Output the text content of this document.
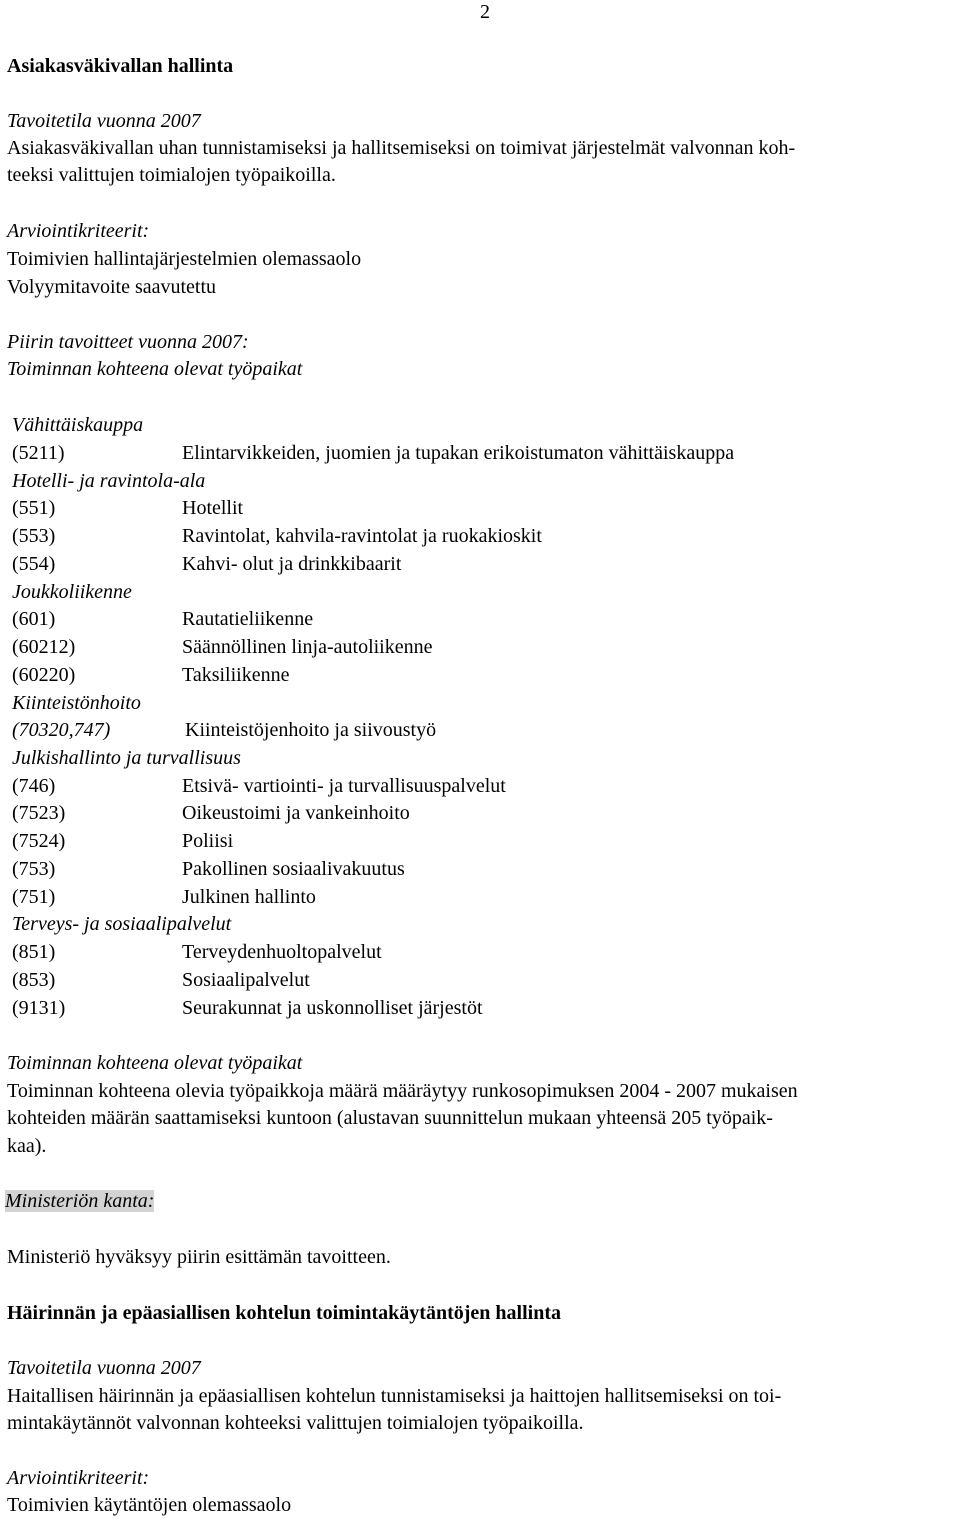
2
Asiakasväkivallan hallinta
Tavoitetila vuonna 2007
Asiakasväkivallan uhan tunnistamiseksi ja hallitsemiseksi on toimivat järjestelmät valvonnan koh-
teeksi valittujen toimialojen työpaikoilla.
Arviointikriteerit:
Toimivien hallintajärjestelmien olemassaolo
Volyymitavoite saavutettu
Piirin tavoitteet vuonna 2007:
Toiminnan kohteena olevat työpaikat
Vähittäiskauppa
(5211)	Elintarvikkeiden, juomien ja tupakan erikoistumaton vähittäiskauppa
Hotelli- ja ravintola-ala
(551)	Hotellit
(553)	Ravintolat, kahvila-ravintolat ja ruokakioskit
(554)	Kahvi- olut ja drinkkibaarit
Joukkoliikenne
(601)	Rautatieliikenne
(60212)	Säännöllinen linja-autoliikenne
(60220)	Taksiliikenne
Kiinteistönhoito
(70320,747)	Kiinteistöjenhoito ja siivoustyö
Julkishallinto ja turvallisuus
(746)	Etsivä- vartiointi- ja turvallisuuspalvelut
(7523)	Oikeustoimi ja vankeinhoito
(7524)	Poliisi
(753)	Pakollinen sosiaalivakuutus
(751)	Julkinen hallinto
Terveys- ja sosiaalipalvelut
(851)	Terveydenhuoltopalvelut
(853)	Sosiaalipalvelut
(9131)	Seurakunnat ja uskonnolliset järjestöt
Toiminnan kohteena olevat työpaikat
Toiminnan kohteena olevia työpaikkoja määrä määräytyy runkosopimuksen 2004 - 2007 mukaisen
kohteiden määrän saattamiseksi kuntoon (alustavan suunnittelun mukaan yhteensä 205 työpaik-
kaa).
Ministeriön kanta:
Ministeriö hyväksyy piirin esittämän tavoitteen.
Häirinnän ja epäasiallisen kohtelun toimintakäytäntöjen hallinta
Tavoitetila vuonna 2007
Haitallisen häirinnän ja epäasiallisen kohtelun tunnistamiseksi ja haittojen hallitsemiseksi on toi-
mintakäytännöt valvonnan kohteeksi valittujen toimialojen työpaikoilla.
Arviointikriteerit:
Toimivien käytäntöjen olemassaolo
